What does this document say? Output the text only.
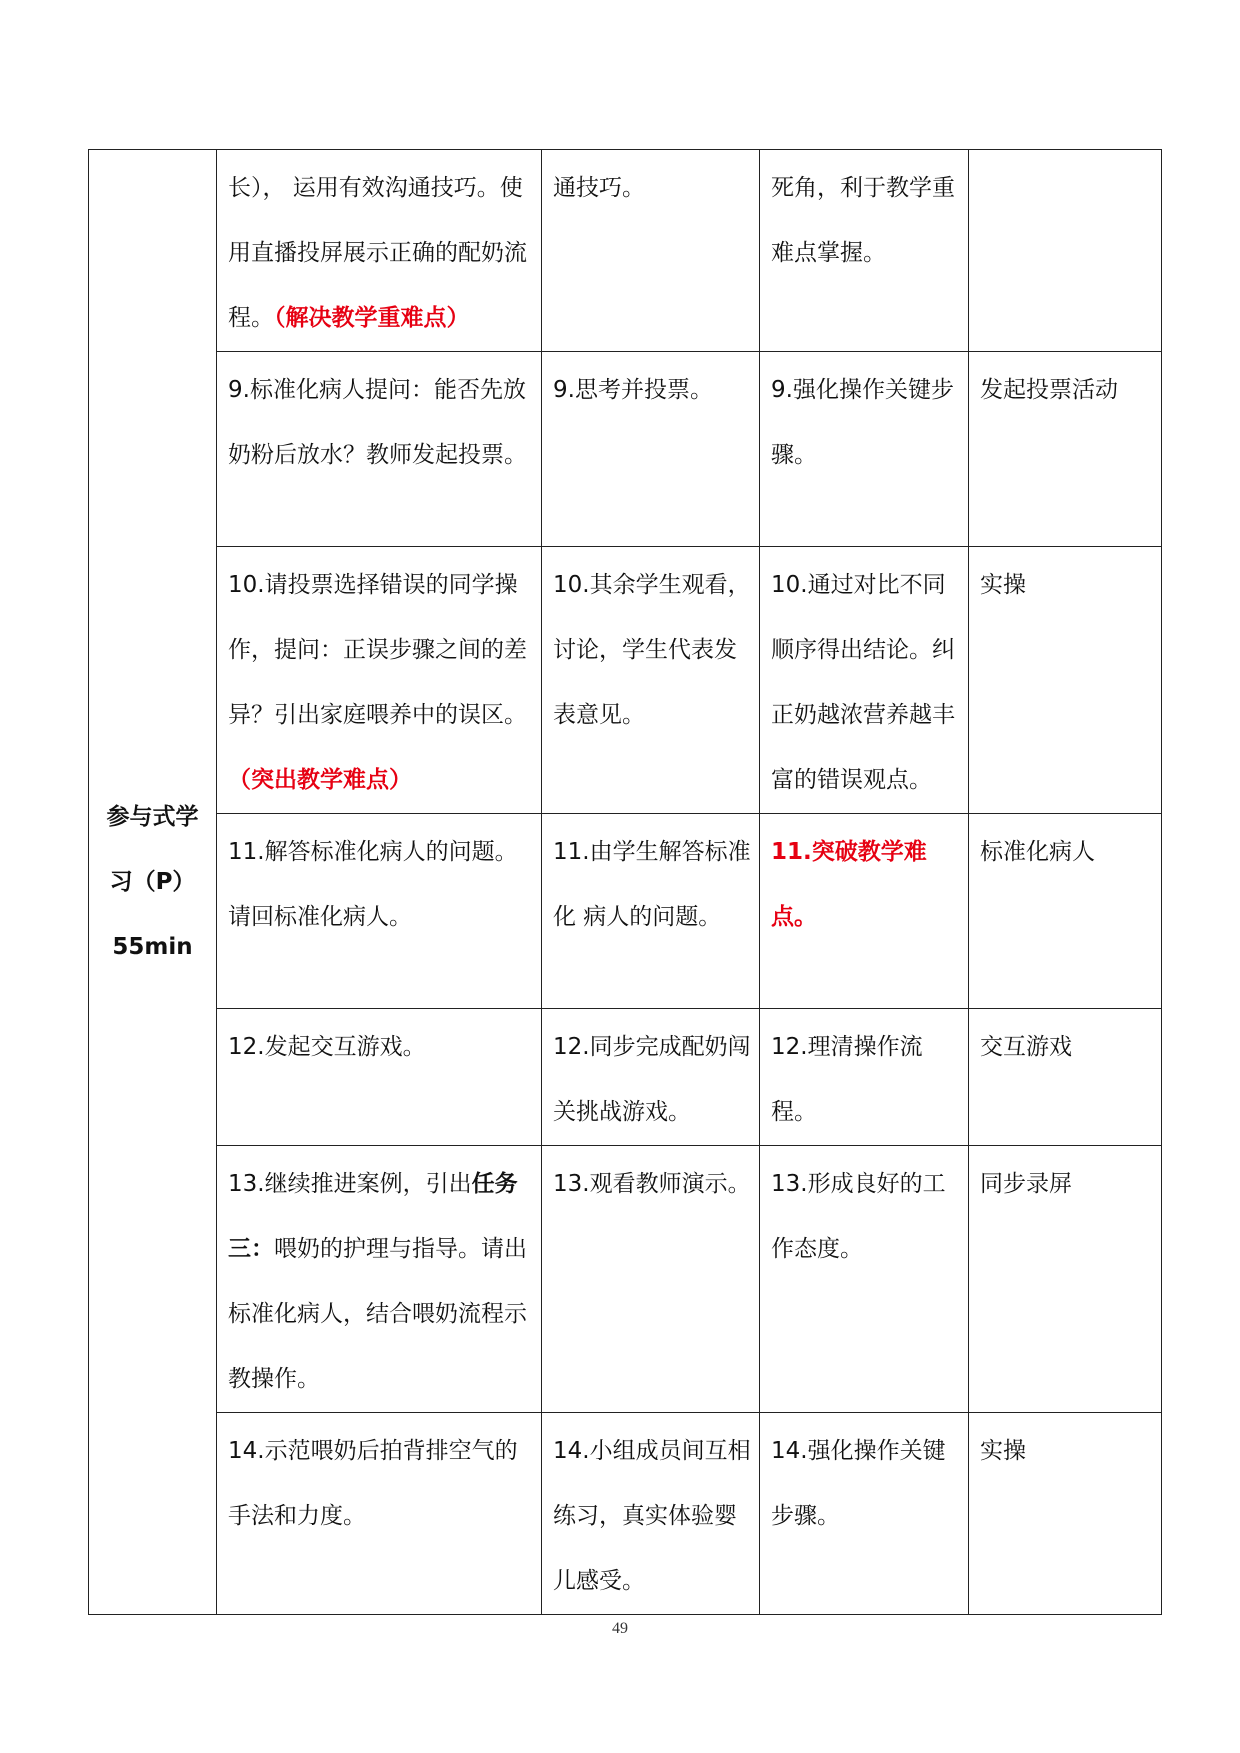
参与式学
习（P）
55min	长）， 运用有效沟通技巧。使用直播投屏展示正确的配奶流程。（解决教学重难点）	通技巧。	死角，利于教学重难点掌握。	
	9.标准化病人提问：能否先放奶粉后放水？教师发起投票。	9.思考并投票。	9.强化操作关键步 骤。	发起投票活动
	10.请投票选择错误的同学操作，提问：正误步骤之间的差异？引出家庭喂养中的误区。（突出教学难点）	10.其余学生观看，讨论，学生代表发表意见。	10.通过对比不同顺序得出结论。纠正奶越浓营养越丰富的错误观点。	实操
	11.解答标准化病人的问题。请回标准化病人。	11.由学生解答标准化 病人的问题。	11.突破教学难点。	标准化病人
	12.发起交互游戏。	12.同步完成配奶闯关挑战游戏。	12.理清操作流程。	交互游戏
	13.继续推进案例，引出任务三：喂奶的护理与指导。请出标准化病人，结合喂奶流程示教操作。	13.观看教师演示。	13.形成良好的工作态度。	同步录屏
	14.示范喂奶后拍背排空气的手法和力度。	14.小组成员间互相练习，真实体验婴儿感受。	14.强化操作关键步骤。	实操
49
